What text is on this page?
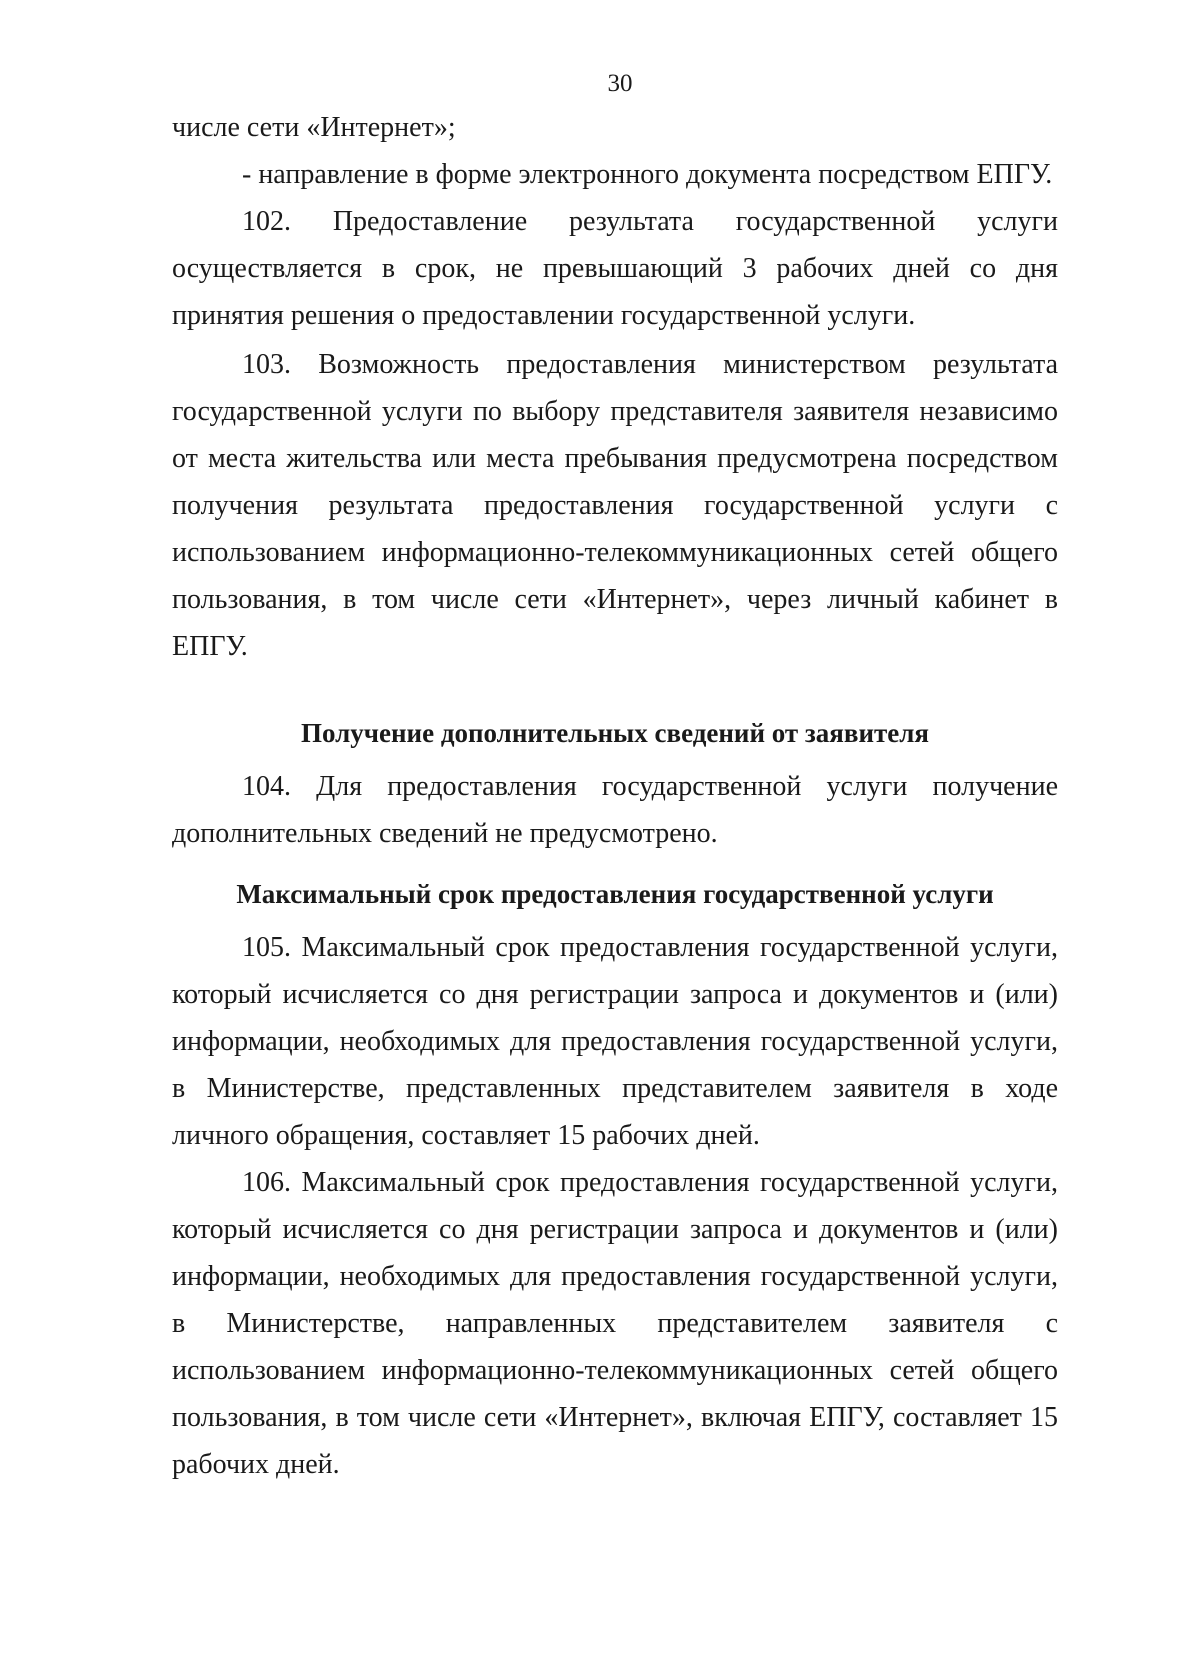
30

числе сети «Интернет»;

- направление в форме электронного документа посредством ЕПГУ.

102. Предоставление результата государственной услуги осуществляется в срок, не превышающий 3 рабочих дней со дня принятия решения о предоставлении государственной услуги.

103. Возможность предоставления министерством результата государственной услуги по выбору представителя заявителя независимо от места жительства или места пребывания предусмотрена посредством получения результата предоставления государственной услуги с использованием информационно-телекоммуникационных сетей общего пользования, в том числе сети «Интернет», через личный кабинет в ЕПГУ.

Получение дополнительных сведений от заявителя

104. Для предоставления государственной услуги получение дополнительных сведений не предусмотрено.

Максимальный срок предоставления государственной услуги

105. Максимальный срок предоставления государственной услуги, который исчисляется со дня регистрации запроса и документов и (или) информации, необходимых для предоставления государственной услуги, в Министерстве, представленных представителем заявителя в ходе личного обращения, составляет 15 рабочих дней.

106. Максимальный срок предоставления государственной услуги, который исчисляется со дня регистрации запроса и документов и (или) информации, необходимых для предоставления государственной услуги, в Министерстве, направленных представителем заявителя с использованием информационно-телекоммуникационных сетей общего пользования, в том числе сети «Интернет», включая ЕПГУ, составляет 15 рабочих дней.
